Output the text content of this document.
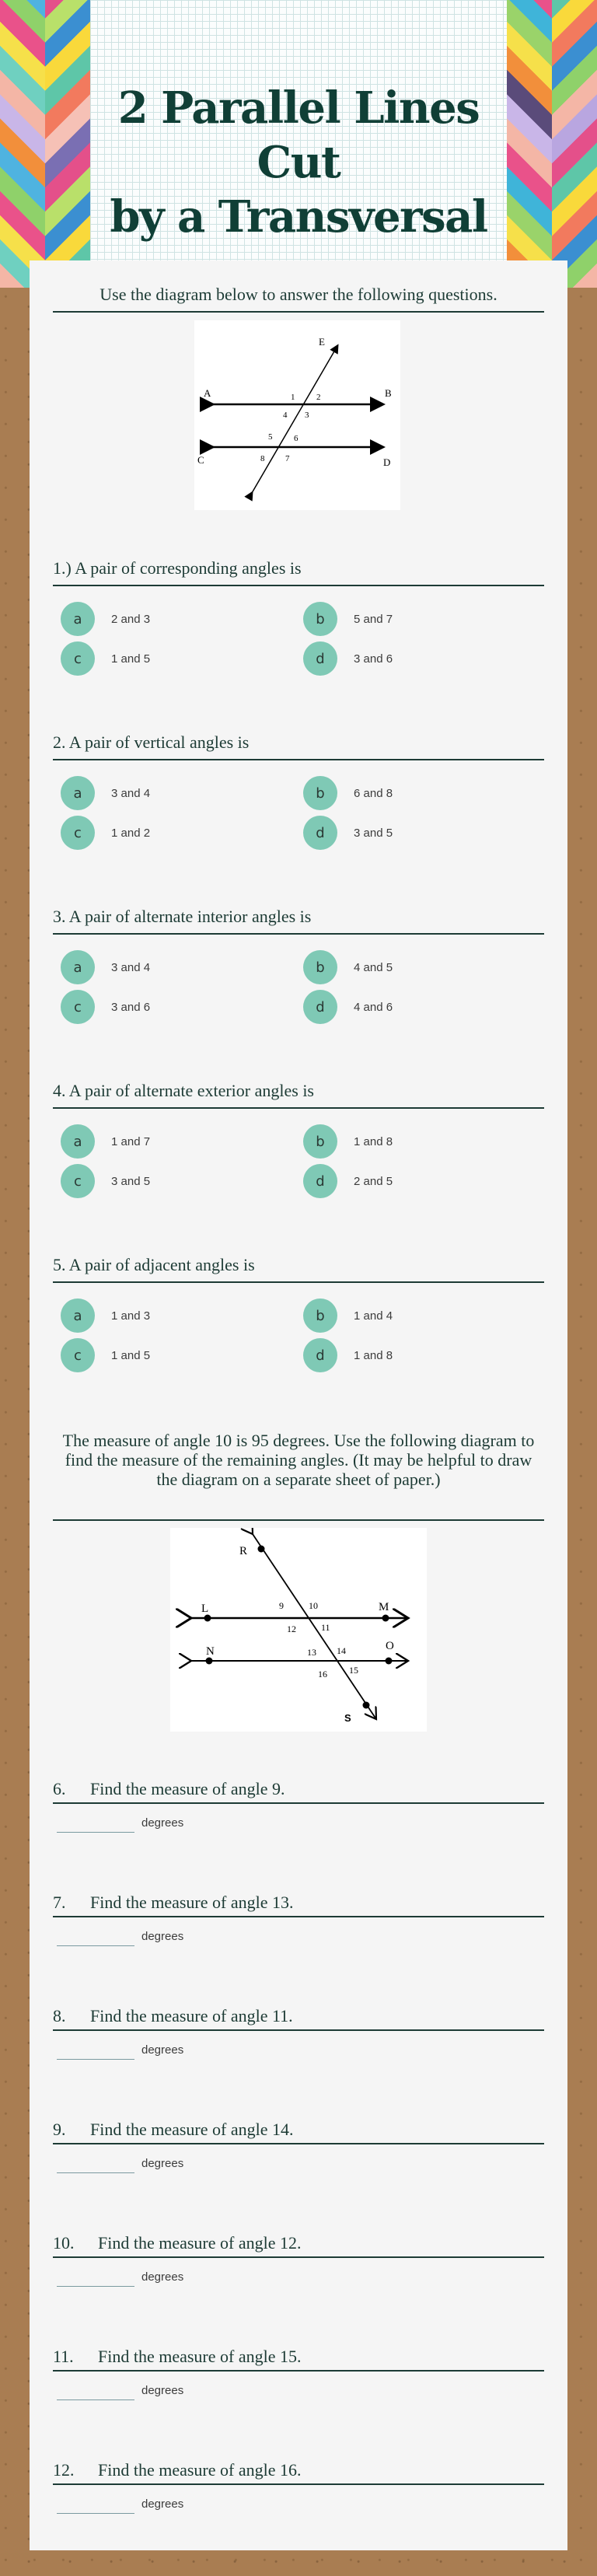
2 Parallel Lines Cut
by a Transversal
Use the diagram below to answer the following questions.
E
A	B
C	D
1	2
3
4
5	6
7
8
The measure of angle 10 is 95 degrees. Use the following diagram to find the measure of the remaining angles. (It may be helpful to draw the diagram on a separate sheet of paper.)
R
S
L	M
N	O
9	10
11
12
13 14
15
16
1.) A pair of corresponding angles is
a	2 and 3	b	5 and 7
c	1 and 5	d	3 and 6
2. A pair of vertical angles is
a	3 and 4	b	6 and 8
c	1 and 2	d	3 and 5
3. A pair of alternate interior angles is
a	3 and 4	b	4 and 5
c	3 and 6	d	4 and 6
4. A pair of alternate exterior angles is
a	1 and 7	b	1 and 8
c	3 and 5	d	2 and 5
5. A pair of adjacent angles is
a	1 and 3	b	1 and 4
c	1 and 5	d	1 and 8
6. Find the measure of angle 9.
degrees
7. Find the measure of angle 13.
degrees
8. Find the measure of angle 11.
degrees
9. Find the measure of angle 14.
degrees
10. Find the measure of angle 12.
degrees
11. Find the measure of angle 15.
degrees
12. Find the measure of angle 16.
degrees
